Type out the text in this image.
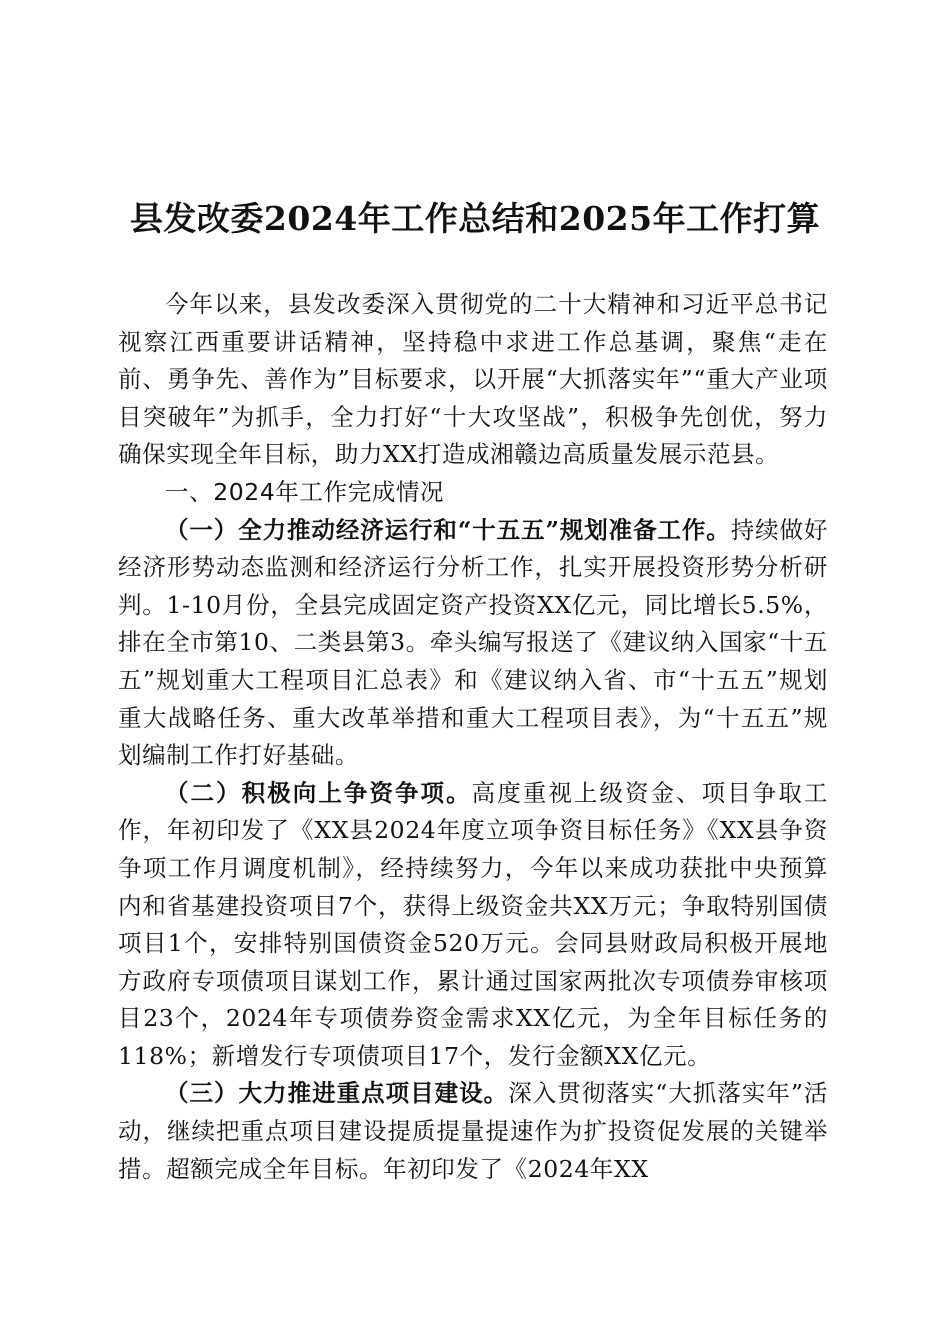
县发改委2024年工作总结和2025年工作打算

今年以来，县发改委深入贯彻党的二十大精神和习近平总书记视察江西重要讲话精神，坚持稳中求进工作总基调，聚焦“走在前、勇争先、善作为”目标要求，以开展“大抓落实年”“重大产业项目突破年”为抓手，全力打好“十大攻坚战”，积极争先创优，努力确保实现全年目标，助力XX打造成湘赣边高质量发展示范县。

一、2024年工作完成情况

（一）全力推动经济运行和“十五五”规划准备工作。持续做好经济形势动态监测和经济运行分析工作，扎实开展投资形势分析研判。1-10月份，全县完成固定资产投资XX亿元，同比增长5.5%，排在全市第10、二类县第3。牵头编写报送了《建议纳入国家“十五五”规划重大工程项目汇总表》和《建议纳入省、市“十五五”规划重大战略任务、重大改革举措和重大工程项目表》，为“十五五”规划编制工作打好基础。

（二）积极向上争资争项。高度重视上级资金、项目争取工作，年初印发了《XX县2024年度立项争资目标任务》《XX县争资争项工作月调度机制》，经持续努力，今年以来成功获批中央预算内和省基建投资项目7个，获得上级资金共XX万元；争取特别国债项目1个，安排特别国债资金520万元。会同县财政局积极开展地方政府专项债项目谋划工作，累计通过国家两批次专项债券审核项目23个，2024年专项债券资金需求XX亿元，为全年目标任务的118%；新增发行专项债项目17个，发行金额XX亿元。

（三）大力推进重点项目建设。深入贯彻落实“大抓落实年”活动，继续把重点项目建设提质提量提速作为扩投资促发展的关键举措。超额完成全年目标。年初印发了《2024年XX
